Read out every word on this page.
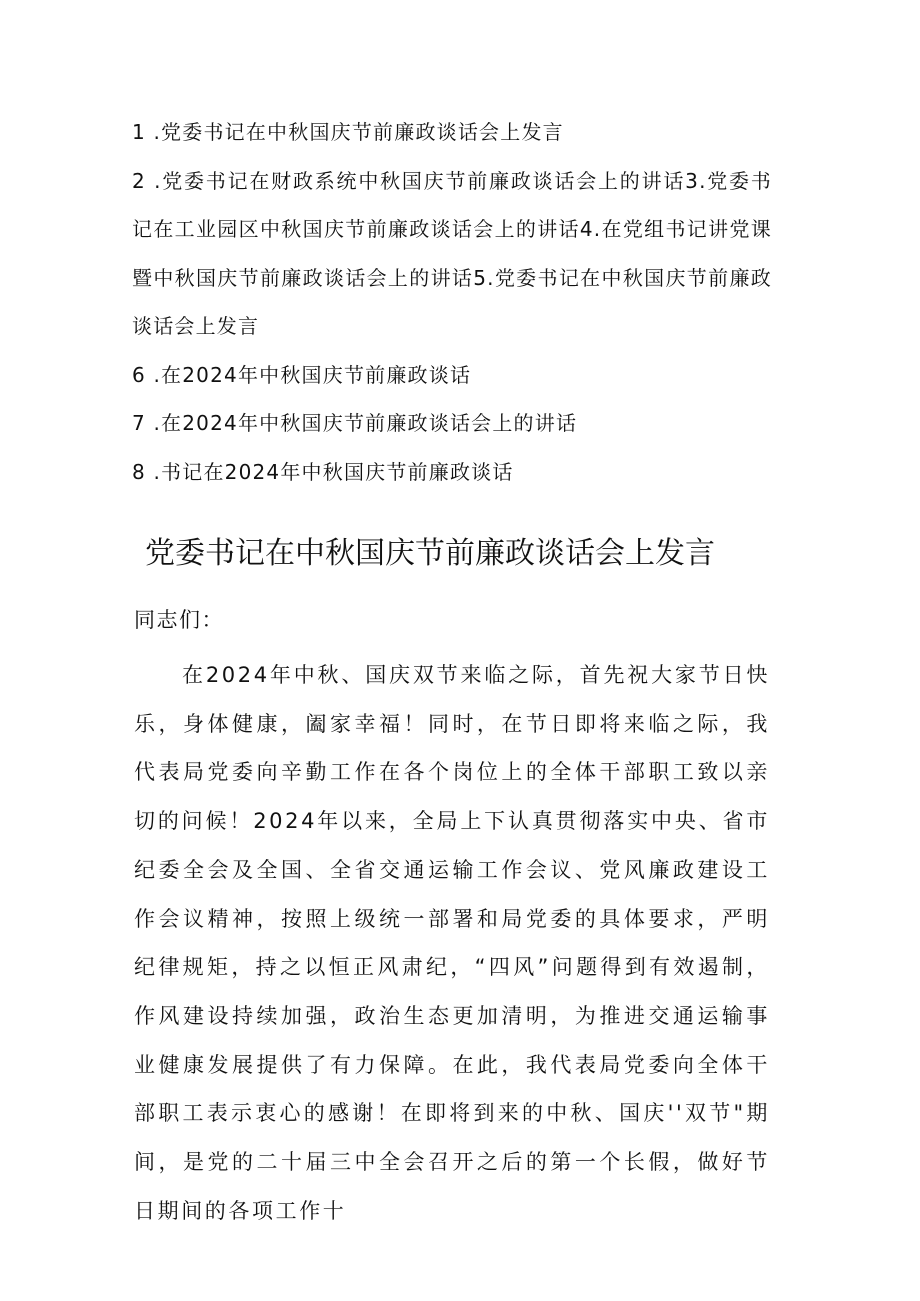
1 .党委书记在中秋国庆节前廉政谈话会上发言

2 .党委书记在财政系统中秋国庆节前廉政谈话会上的讲话3.党委书记在工业园区中秋国庆节前廉政谈话会上的讲话4.在党组书记讲党课暨中秋国庆节前廉政谈话会上的讲话5.党委书记在中秋国庆节前廉政谈话会上发言

6 .在2024年中秋国庆节前廉政谈话

7 .在2024年中秋国庆节前廉政谈话会上的讲话

8 .书记在2024年中秋国庆节前廉政谈话

党委书记在中秋国庆节前廉政谈话会上发言

同志们：

在2024年中秋、国庆双节来临之际，首先祝大家节日快乐，身体健康，阖家幸福！同时，在节日即将来临之际，我代表局党委向辛勤工作在各个岗位上的全体干部职工致以亲切的问候！2024年以来，全局上下认真贯彻落实中央、省市纪委全会及全国、全省交通运输工作会议、党风廉政建设工作会议精神，按照上级统一部署和局党委的具体要求，严明纪律规矩，持之以恒正风肃纪，“四风”问题得到有效遏制，作风建设持续加强，政治生态更加清明，为推进交通运输事业健康发展提供了有力保障。在此，我代表局党委向全体干部职工表示衷心的感谢！在即将到来的中秋、国庆''双节"期间，是党的二十届三中全会召开之后的第一个长假，做好节日期间的各项工作十
